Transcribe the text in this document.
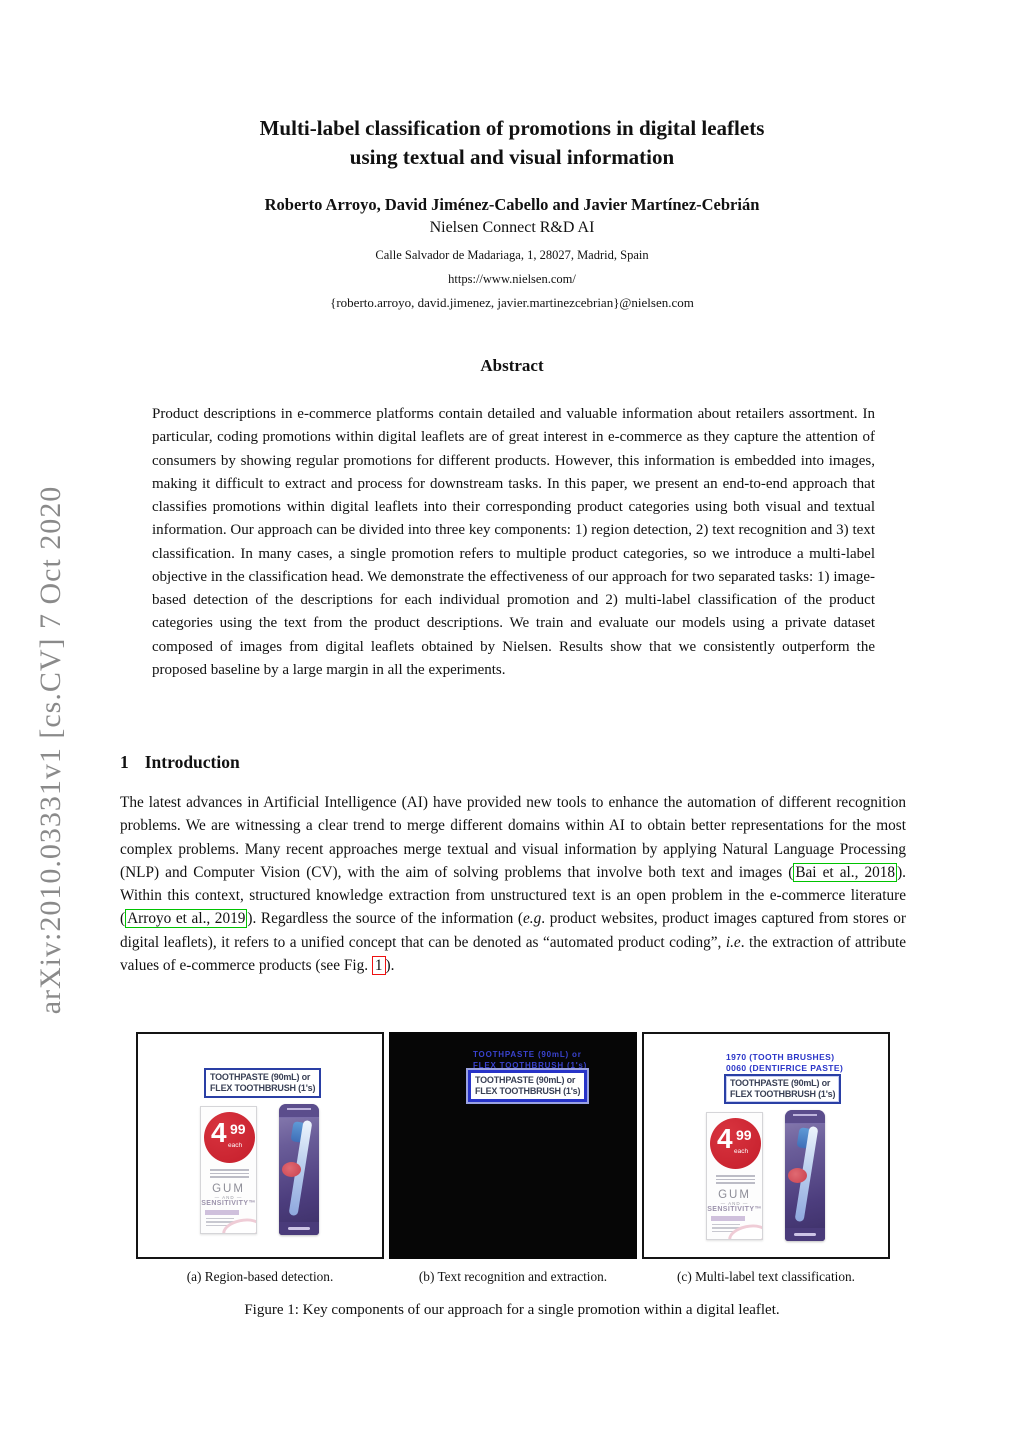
arXiv:2010.03331v1 [cs.CV] 7 Oct 2020
Multi-label classification of promotions in digital leaflets
using textual and visual information
Roberto Arroyo, David Jiménez-Cabello and Javier Martínez-Cebrián
Nielsen Connect R&D AI
Calle Salvador de Madariaga, 1, 28027, Madrid, Spain
https://www.nielsen.com/
{roberto.arroyo, david.jimenez, javier.martinezcebrian}@nielsen.com
Abstract

Product descriptions in e-commerce platforms contain detailed and valuable information about retailers assortment. In particular, coding promotions within digital leaflets are of great interest in e-commerce as they capture the attention of consumers by showing regular promotions for different products. However, this information is embedded into images, making it difficult to extract and process for downstream tasks. In this paper, we present an end-to-end approach that classifies promotions within digital leaflets into their corresponding product categories using both visual and textual information. Our approach can be divided into three key components: 1) region detection, 2) text recognition and 3) text classification. In many cases, a single promotion refers to multiple product categories, so we introduce a multi-label objective in the classification head. We demonstrate the effectiveness of our approach for two separated tasks: 1) image-based detection of the descriptions for each individual promotion and 2) multi-label classification of the product categories using the text from the product descriptions. We train and evaluate our models using a private dataset composed of images from digital leaflets obtained by Nielsen. Results show that we consistently outperform the proposed baseline by a large margin in all the experiments.

1 Introduction

The latest advances in Artificial Intelligence (AI) have provided new tools to enhance the automation of different recognition problems. We are witnessing a clear trend to merge different domains within AI to obtain better representations for the most complex problems. Many recent approaches merge textual and visual information by applying Natural Language Processing (NLP) and Computer Vision (CV), with the aim of solving problems that involve both text and images ( Bai et al., 2018 ). Within this context, structured knowledge extraction from unstructured text is an open problem in the e-commerce literature ( Arroyo et al., 2019 ). Regardless the source of the information (e.g. product websites, product images captured from stores or digital leaflets), it refers to a unified concept that can be denoted as “automated product coding”, i.e. the extraction of attribute values of e-commerce products (see Fig. 1 ).

TOOTHPASTE (90mL) or
FLEX TOOTHBRUSH (1's)
4 99
each
GUM
— AND —
SENSITIVITY™
TOOTHPASTE (90mL) or
FLEX TOOTHBRUSH (1's)
TOOTHPASTE (90mL) or
FLEX TOOTHBRUSH (1's)
1970 (TOOTH BRUSHES)
0060 (DENTIFRICE PASTE)
TOOTHPASTE (90mL) or
FLEX TOOTHBRUSH (1's)
4 99
each
GUM
— AND —
SENSITIVITY™
(a) Region-based detection.	(b) Text recognition and extraction.	(c) Multi-label text classification.
Figure 1: Key components of our approach for a single promotion within a digital leaflet.
